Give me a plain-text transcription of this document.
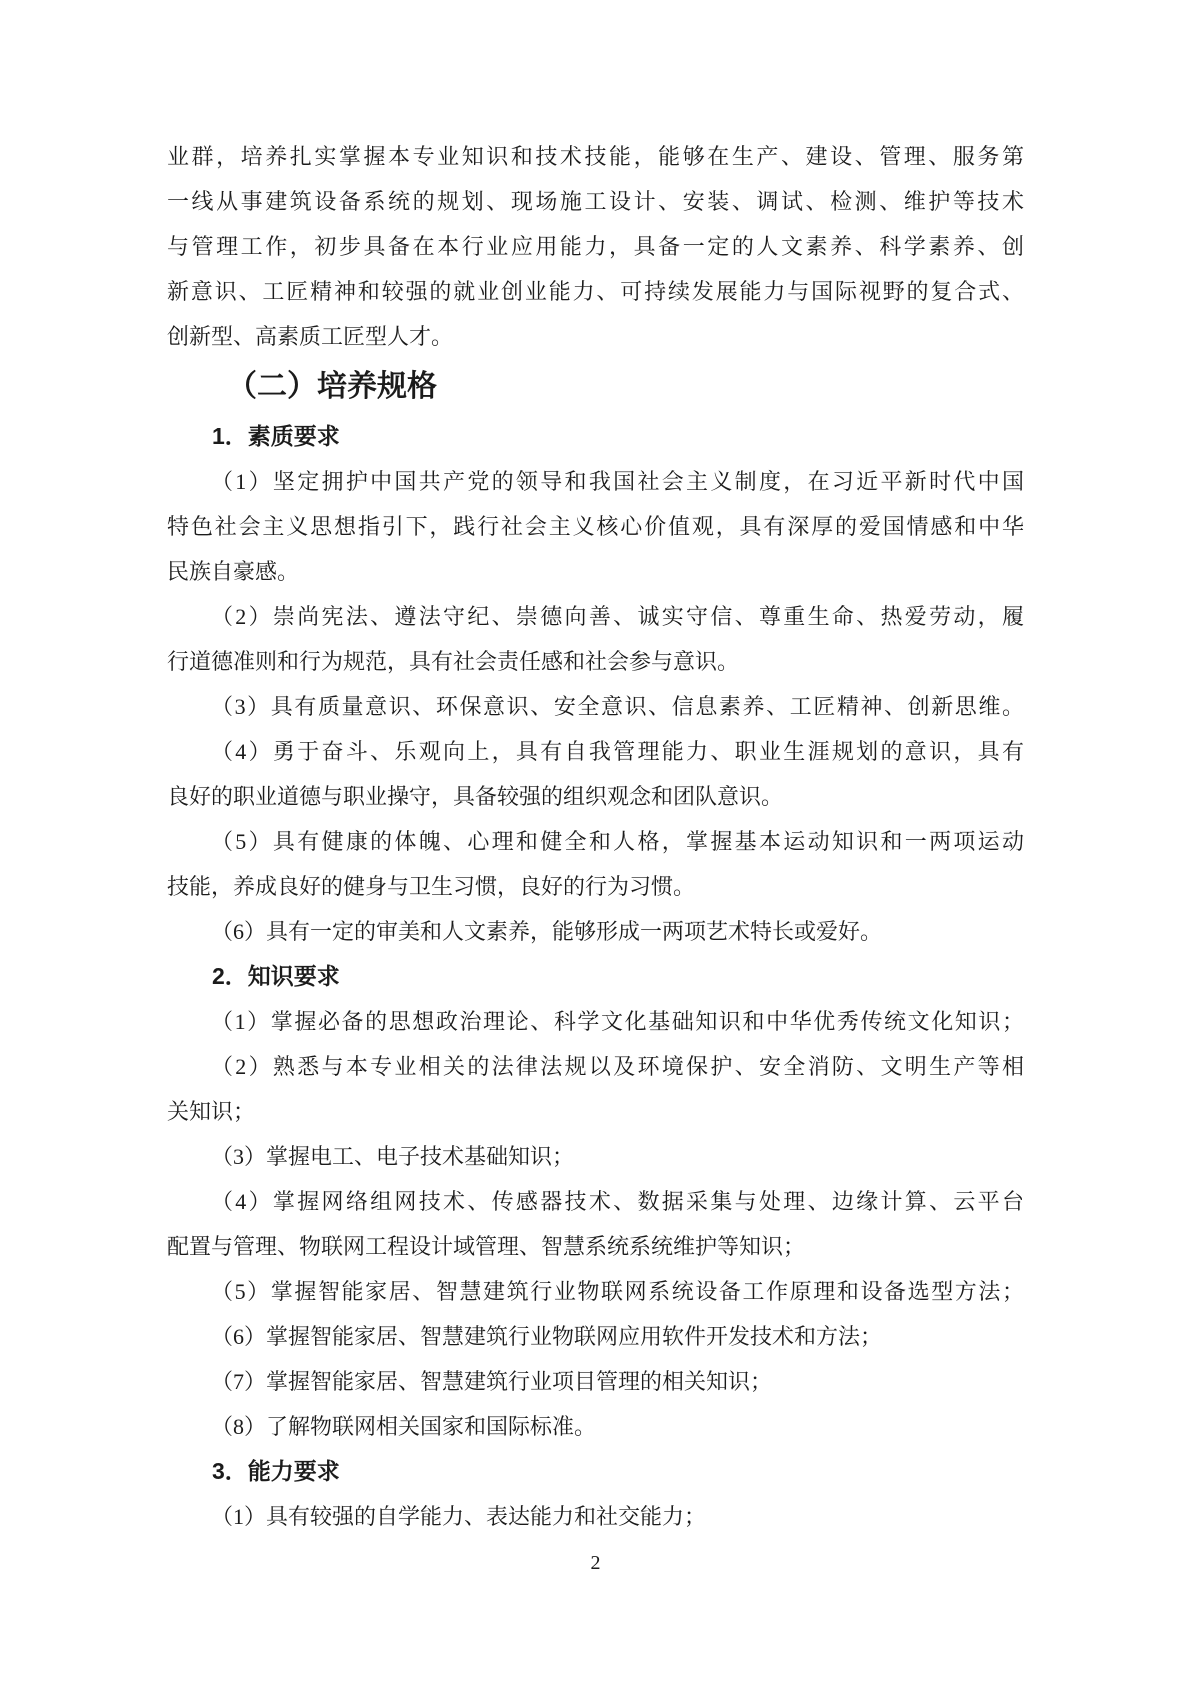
业群，培养扎实掌握本专业知识和技术技能，能够在生产、建设、管理、服务第
一线从事建筑设备系统的规划、现场施工设计、安装、调试、检测、维护等技术
与管理工作，初步具备在本行业应用能力，具备一定的人文素养、科学素养、创
新意识、工匠精神和较强的就业创业能力、可持续发展能力与国际视野的复合式、
创新型、高素质工匠型人才。
（二）培养规格
1．素质要求
（1）坚定拥护中国共产党的领导和我国社会主义制度，在习近平新时代中国
特色社会主义思想指引下，践行社会主义核心价值观，具有深厚的爱国情感和中华
民族自豪感。
（2）崇尚宪法、遵法守纪、崇德向善、诚实守信、尊重生命、热爱劳动，履
行道德准则和行为规范，具有社会责任感和社会参与意识。
（3）具有质量意识、环保意识、安全意识、信息素养、工匠精神、创新思维。
（4）勇于奋斗、乐观向上，具有自我管理能力、职业生涯规划的意识，具有
良好的职业道德与职业操守，具备较强的组织观念和团队意识。
（5）具有健康的体魄、心理和健全和人格，掌握基本运动知识和一两项运动
技能，养成良好的健身与卫生习惯，良好的行为习惯。
（6）具有一定的审美和人文素养，能够形成一两项艺术特长或爱好。
2．知识要求
（1）掌握必备的思想政治理论、科学文化基础知识和中华优秀传统文化知识；
（2）熟悉与本专业相关的法律法规以及环境保护、安全消防、文明生产等相
关知识；
（3）掌握电工、电子技术基础知识；
（4）掌握网络组网技术、传感器技术、数据采集与处理、边缘计算、云平台
配置与管理、物联网工程设计域管理、智慧系统系统维护等知识；
（5）掌握智能家居、智慧建筑行业物联网系统设备工作原理和设备选型方法；
（6）掌握智能家居、智慧建筑行业物联网应用软件开发技术和方法；
（7）掌握智能家居、智慧建筑行业项目管理的相关知识；
（8）了解物联网相关国家和国际标准。
3．能力要求
（1）具有较强的自学能力、表达能力和社交能力；
2
